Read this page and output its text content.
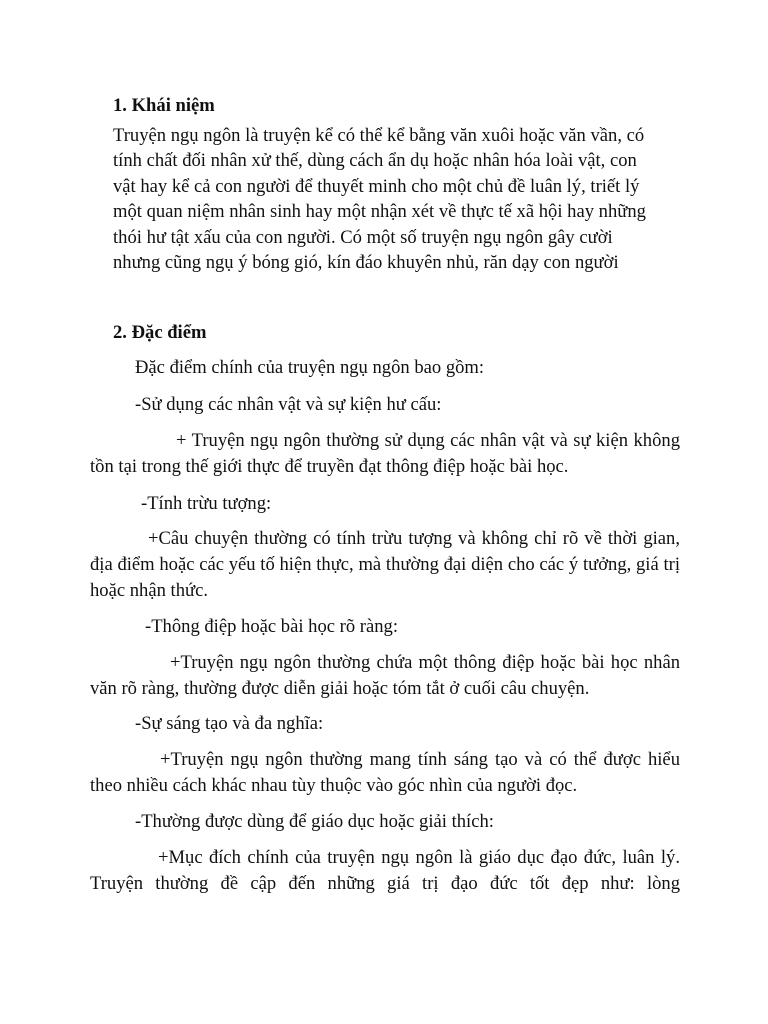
1. Khái niệm

Truyện ngụ ngôn là truyện kể có thể kể bằng văn xuôi hoặc văn vần, có tính chất đối nhân xử thế, dùng cách ẩn dụ hoặc nhân hóa loài vật, con vật hay kể cả con người để thuyết minh cho một chủ đề luân lý, triết lý một quan niệm nhân sinh hay một nhận xét về thực tế xã hội hay những thói hư tật xấu của con người. Có một số truyện ngụ ngôn gây cười nhưng cũng ngụ ý bóng gió, kín đáo khuyên nhủ, răn dạy con người

2. Đặc điểm

Đặc điểm chính của truyện ngụ ngôn bao gồm:

-Sử dụng các nhân vật và sự kiện hư cấu:

+ Truyện ngụ ngôn thường sử dụng các nhân vật và sự kiện không tồn tại trong thế giới thực để truyền đạt thông điệp hoặc bài học.

-Tính trừu tượng:

+Câu chuyện thường có tính trừu tượng và không chỉ rõ về thời gian, địa điểm hoặc các yếu tố hiện thực, mà thường đại diện cho các ý tưởng, giá trị hoặc nhận thức.

-Thông điệp hoặc bài học rõ ràng:

+Truyện ngụ ngôn thường chứa một thông điệp hoặc bài học nhân văn rõ ràng, thường được diễn giải hoặc tóm tắt ở cuối câu chuyện.

-Sự sáng tạo và đa nghĩa:

+Truyện ngụ ngôn thường mang tính sáng tạo và có thể được hiểu theo nhiều cách khác nhau tùy thuộc vào góc nhìn của người đọc.

-Thường được dùng để giáo dục hoặc giải thích:

+Mục đích chính của truyện ngụ ngôn là giáo dục đạo đức, luân lý. Truyện thường đề cập đến những giá trị đạo đức tốt đẹp như: lòng
